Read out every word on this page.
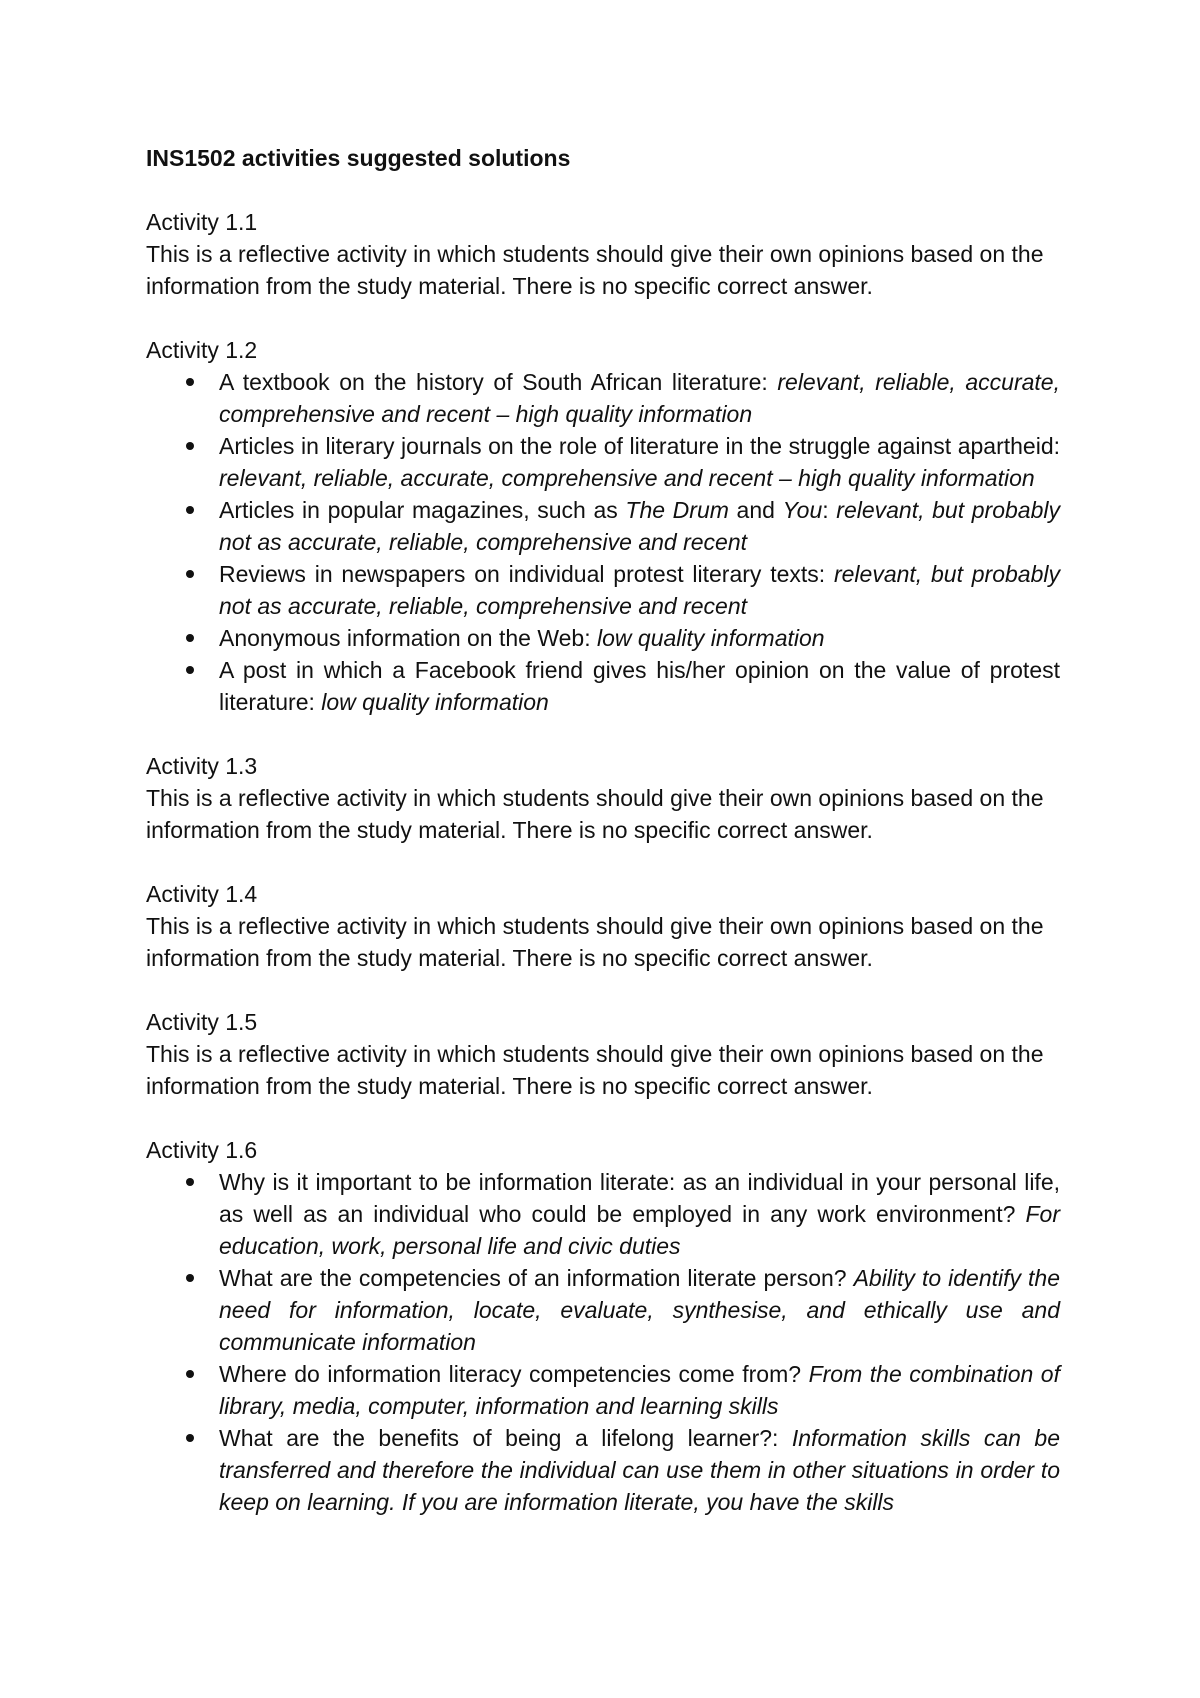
INS1502 activities suggested solutions

Activity 1.1

This is a reflective activity in which students should give their own opinions based on the information from the study material. There is no specific correct answer.

Activity 1.2

A textbook on the history of South African literature: relevant, reliable, accurate, comprehensive and recent – high quality information
Articles in literary journals on the role of literature in the struggle against apartheid: relevant, reliable, accurate, comprehensive and recent – high quality information
Articles in popular magazines, such as The Drum and You: relevant, but probably not as accurate, reliable, comprehensive and recent
Reviews in newspapers on individual protest literary texts: relevant, but probably not as accurate, reliable, comprehensive and recent
Anonymous information on the Web: low quality information
A post in which a Facebook friend gives his/her opinion on the value of protest literature: low quality information

Activity 1.3

This is a reflective activity in which students should give their own opinions based on the information from the study material. There is no specific correct answer.

Activity 1.4

This is a reflective activity in which students should give their own opinions based on the information from the study material. There is no specific correct answer.

Activity 1.5

This is a reflective activity in which students should give their own opinions based on the information from the study material. There is no specific correct answer.

Activity 1.6

Why is it important to be information literate: as an individual in your personal life, as well as an individual who could be employed in any work environment? For education, work, personal life and civic duties
What are the competencies of an information literate person? Ability to identify the need for information, locate, evaluate, synthesise, and ethically use and communicate information
Where do information literacy competencies come from? From the combination of library, media, computer, information and learning skills
What are the benefits of being a lifelong learner?: Information skills can be transferred and therefore the individual can use them in other situations in order to keep on learning. If you are information literate, you have the skills
